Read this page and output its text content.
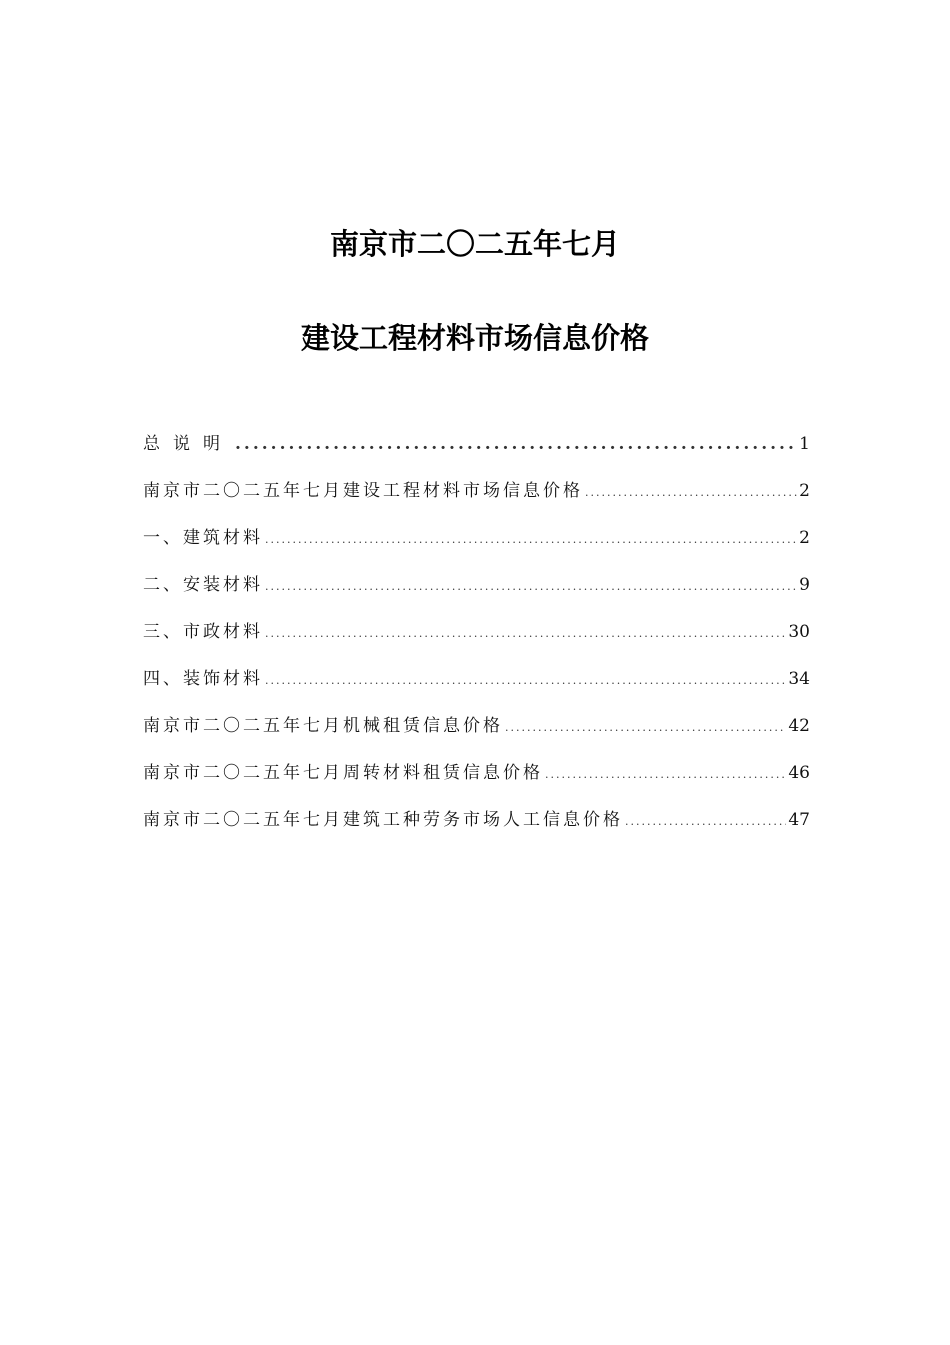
南京市二〇二五年七月
建设工程材料市场信息价格
总说明 .....	1
南京市二〇二五年七月建设工程材料市场信息价格 .....	2
一、建筑材料 .....	2
二、安装材料 .....	9
三、市政材料 .....	30
四、装饰材料 .....	34
南京市二〇二五年七月机械租赁信息价格 .....	42
南京市二〇二五年七月周转材料租赁信息价格 .....	46
南京市二〇二五年七月建筑工种劳务市场人工信息价格 .....	47
